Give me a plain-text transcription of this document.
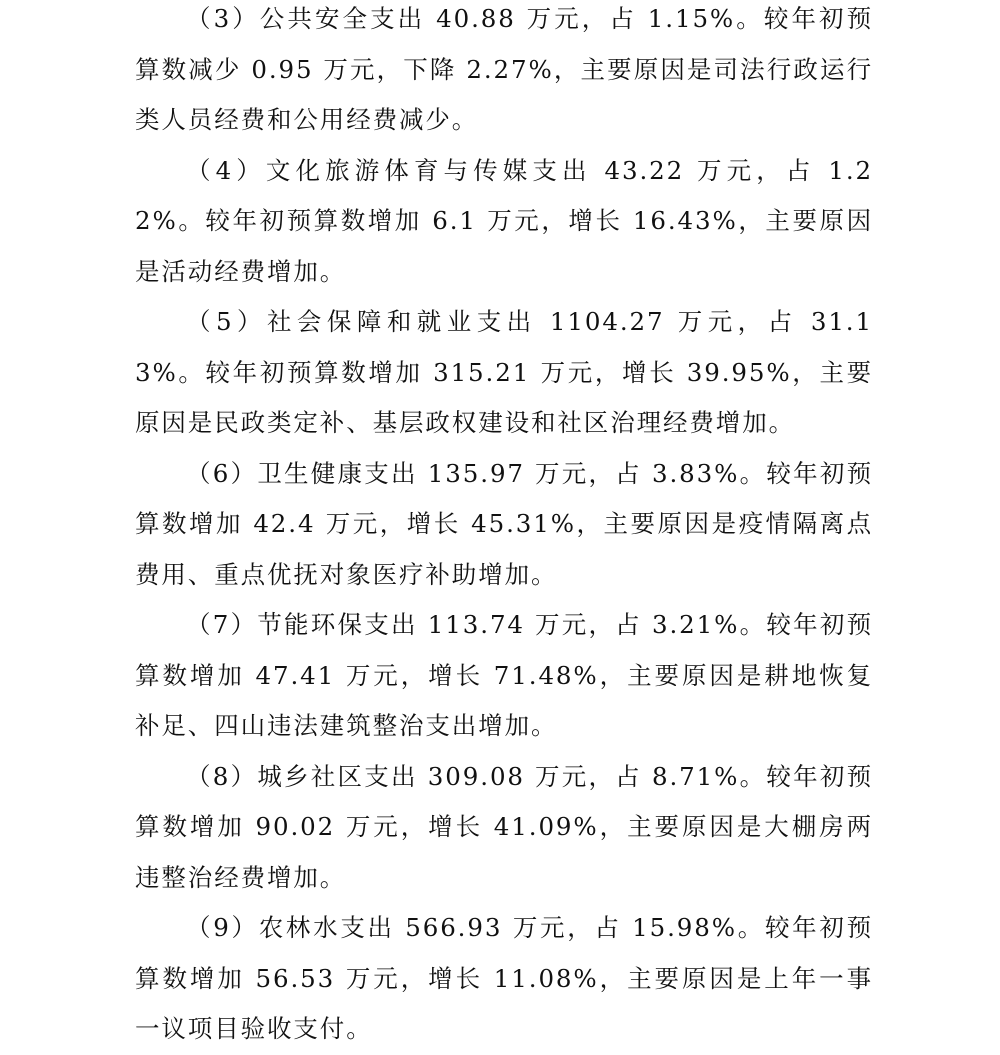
（3）公共安全支出 40.88 万元，占 1.15%。较年初预算数减少 0.95 万元，下降 2.27%，主要原因是司法行政运行类人员经费和公用经费减少。

（4）文化旅游体育与传媒支出 43.22 万元，占 1.22%。较年初预算数增加 6.1 万元，增长 16.43%，主要原因是活动经费增加。

（5）社会保障和就业支出 1104.27 万元，占 31.13%。较年初预算数增加 315.21 万元，增长 39.95%，主要原因是民政类定补、基层政权建设和社区治理经费增加。

（6）卫生健康支出 135.97 万元，占 3.83%。较年初预算数增加 42.4 万元，增长 45.31%，主要原因是疫情隔离点费用、重点优抚对象医疗补助增加。

（7）节能环保支出 113.74 万元，占 3.21%。较年初预算数增加 47.41 万元，增长 71.48%，主要原因是耕地恢复补足、四山违法建筑整治支出增加。

（8）城乡社区支出 309.08 万元，占 8.71%。较年初预算数增加 90.02 万元，增长 41.09%，主要原因是大棚房两违整治经费增加。

（9）农林水支出 566.93 万元，占 15.98%。较年初预算数增加 56.53 万元，增长 11.08%，主要原因是上年一事一议项目验收支付。
